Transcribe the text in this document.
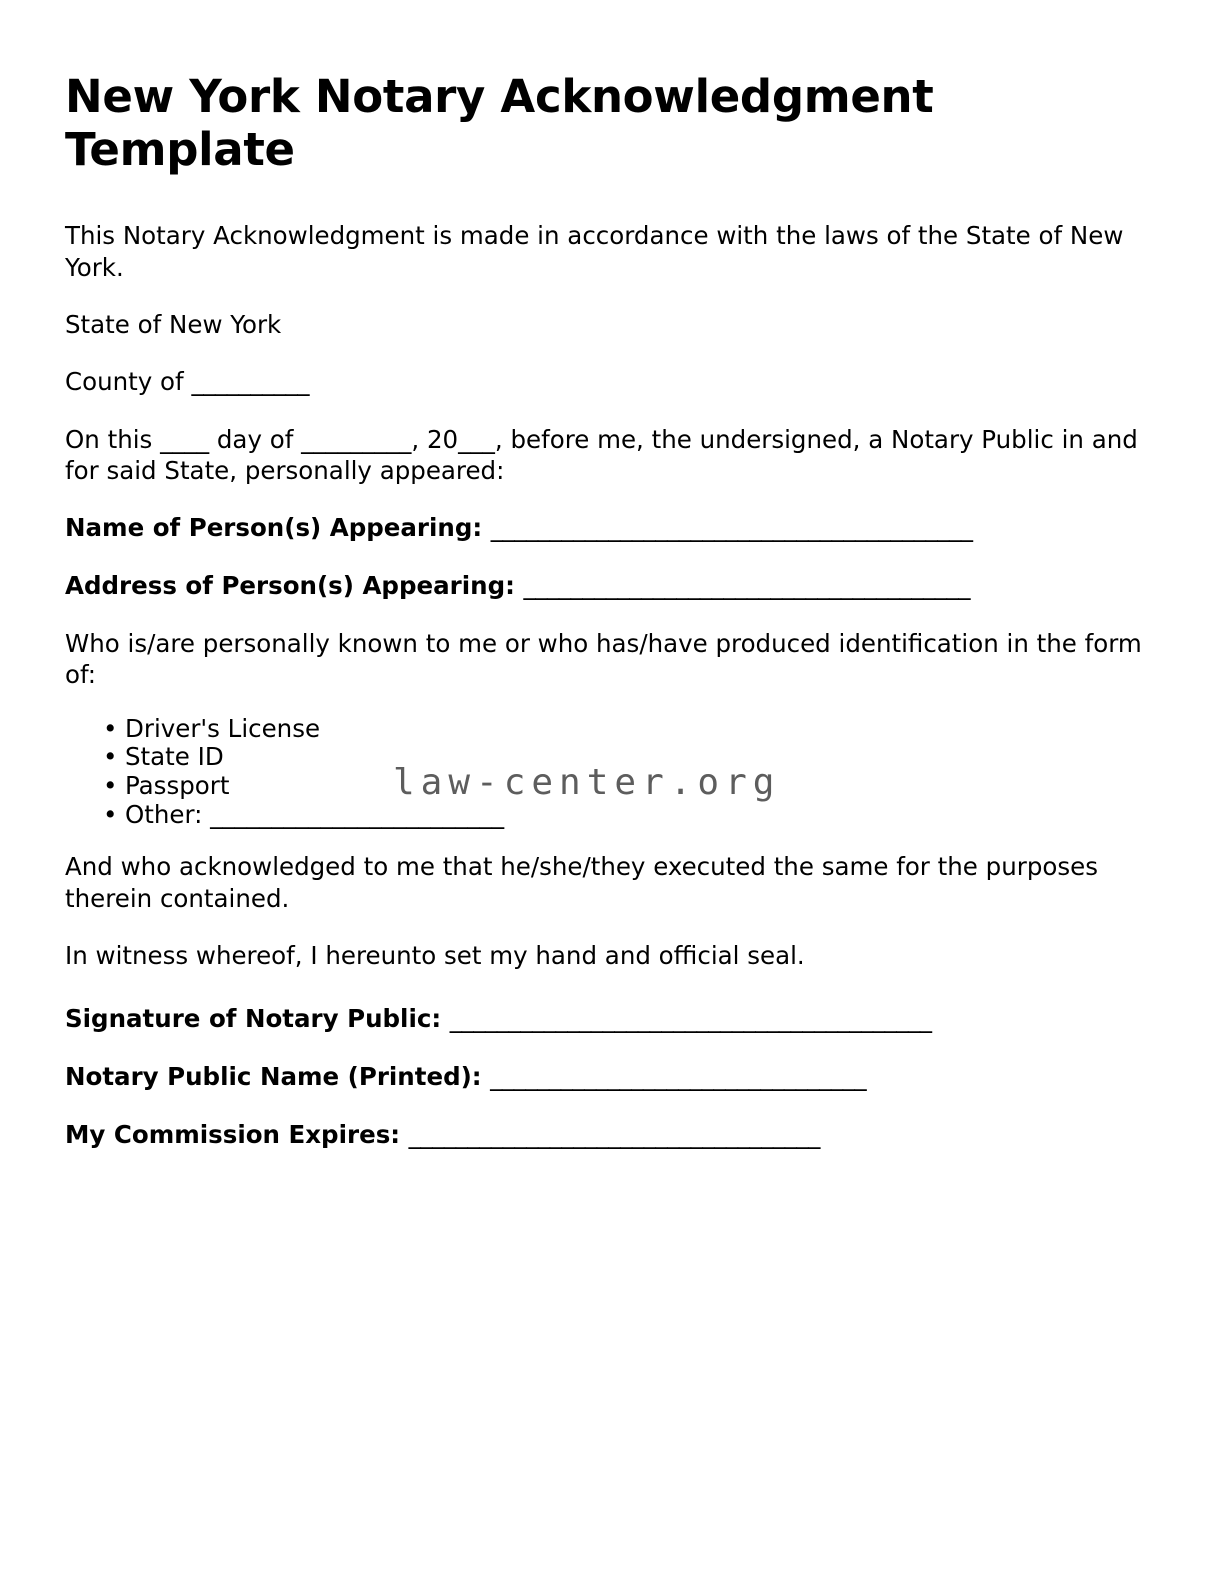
New York Notary Acknowledgment Template

This Notary Acknowledgment is made in accordance with the laws of the State of New York.

State of New York

County of __________

On this ____ day of _________, 20___, before me, the undersigned, a Notary Public in and for said State, personally appeared:

Name of Person(s) Appearing: _________________________________________

Address of Person(s) Appearing: ______________________________________

Who is/are personally known to me or who has/have produced identification in the form of:

• Driver's License
• State ID
• Passport
• Other: ________________________

And who acknowledged to me that he/she/they executed the same for the purposes therein contained.

In witness whereof, I hereunto set my hand and official seal.

Signature of Notary Public: _________________________________________

Notary Public Name (Printed): ________________________________

My Commission Expires: ___________________________________

law-center.org
